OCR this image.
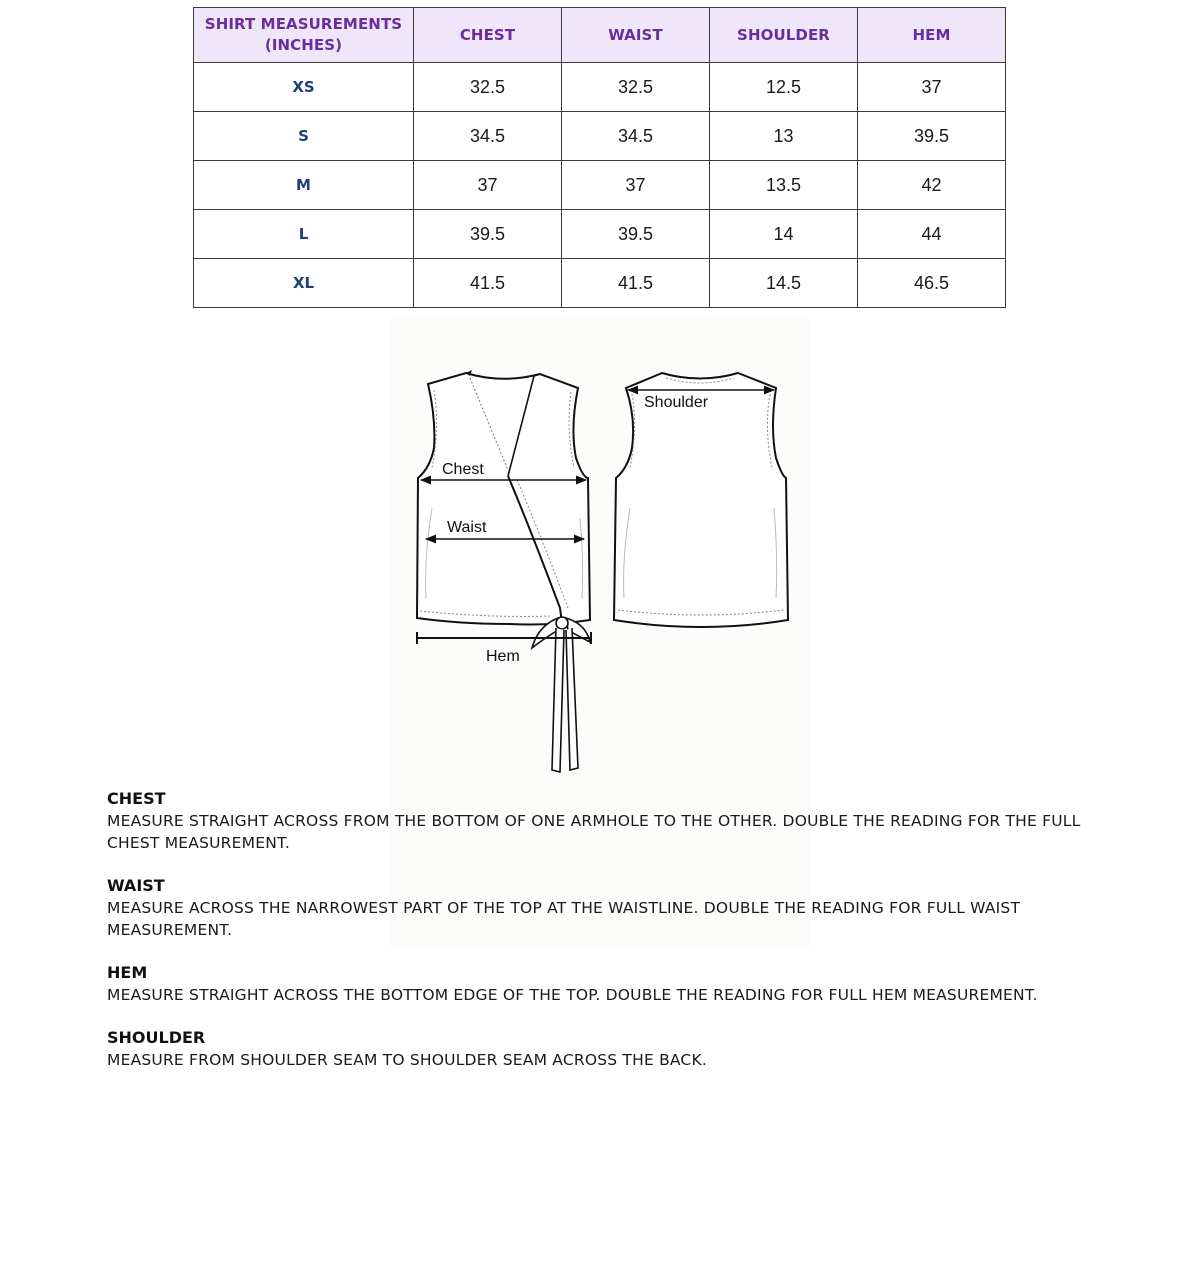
SHIRT MEASUREMENTS
(INCHES)	CHEST	WAIST	SHOULDER	HEM
XS	32.5	32.5	12.5	37
S	34.5	34.5	13	39.5
M	37	37	13.5	42
L	39.5	39.5	14	44
XL	41.5	41.5	14.5	46.5
Chest
Waist
Hem
Shoulder
CHEST
MEASURE STRAIGHT ACROSS FROM THE BOTTOM OF ONE ARMHOLE TO THE OTHER. DOUBLE THE READING FOR THE FULL CHEST MEASUREMENT.
WAIST
MEASURE ACROSS THE NARROWEST PART OF THE TOP AT THE WAISTLINE. DOUBLE THE READING FOR FULL WAIST MEASUREMENT.
HEM
MEASURE STRAIGHT ACROSS THE BOTTOM EDGE OF THE TOP. DOUBLE THE READING FOR FULL HEM MEASUREMENT.
SHOULDER
MEASURE FROM SHOULDER SEAM TO SHOULDER SEAM ACROSS THE BACK.
